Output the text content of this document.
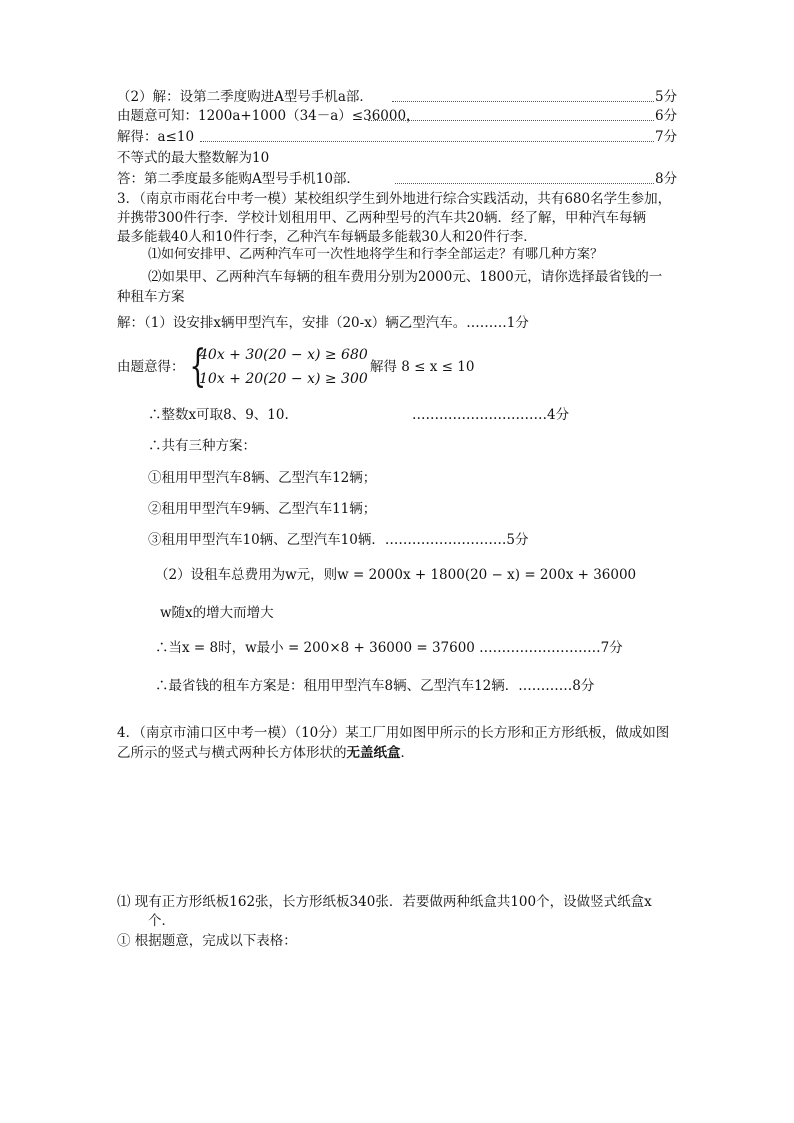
（2）解：设第二季度购进A型号手机a部．	5分
由题意可知：1200a+1000（34－a）≤36000，	6分
解得：a≤10	7分
不等式的最大整数解为10
答：第二季度最多能购A型号手机10部．	8分
3．（南京市雨花台中考一模）某校组织学生到外地进行综合实践活动，共有680名学生参加，
并携带300件行李．学校计划租用甲、乙两种型号的汽车共20辆．经了解，甲种汽车每辆
最多能载40人和10件行李，乙种汽车每辆最多能载30人和20件行李．
⑴如何安排甲、乙两种汽车可一次性地将学生和行李全部运走？有哪几种方案？
⑵如果甲、乙两种汽车每辆的租车费用分别为2000元、1800元，请你选择最省钱的一
种租车方案
解：（1）设安排x辆甲型汽车，安排（20-x）辆乙型汽车。………1分
由题意得： {
40x + 30(20 − x) ≥ 680
10x + 20(20 − x) ≥ 300
解得 8 ≤ x ≤ 10
∴整数x可取8、9、10.	…………………………4分
∴共有三种方案：
①租用甲型汽车8辆、乙型汽车12辆；
②租用甲型汽车9辆、乙型汽车11辆；
③租用甲型汽车10辆、乙型汽车10辆．………………………5分
（2）设租车总费用为w元，则w = 2000x + 1800(20 − x) = 200x + 36000
w随x的增大而增大
∴当x = 8时，w最小 = 200×8 + 36000 = 37600 ………………………7分
∴最省钱的租车方案是：租用甲型汽车8辆、乙型汽车12辆．…………8分
4．（南京市浦口区中考一模）（10分）某工厂用如图甲所示的长方形和正方形纸板，做成如图
乙所示的竖式与横式两种长方体形状的无盖纸盒．
⑴ 现有正方形纸板162张，长方形纸板340张．若要做两种纸盒共100个，设做竖式纸盒x
个．
① 根据题意，完成以下表格：
